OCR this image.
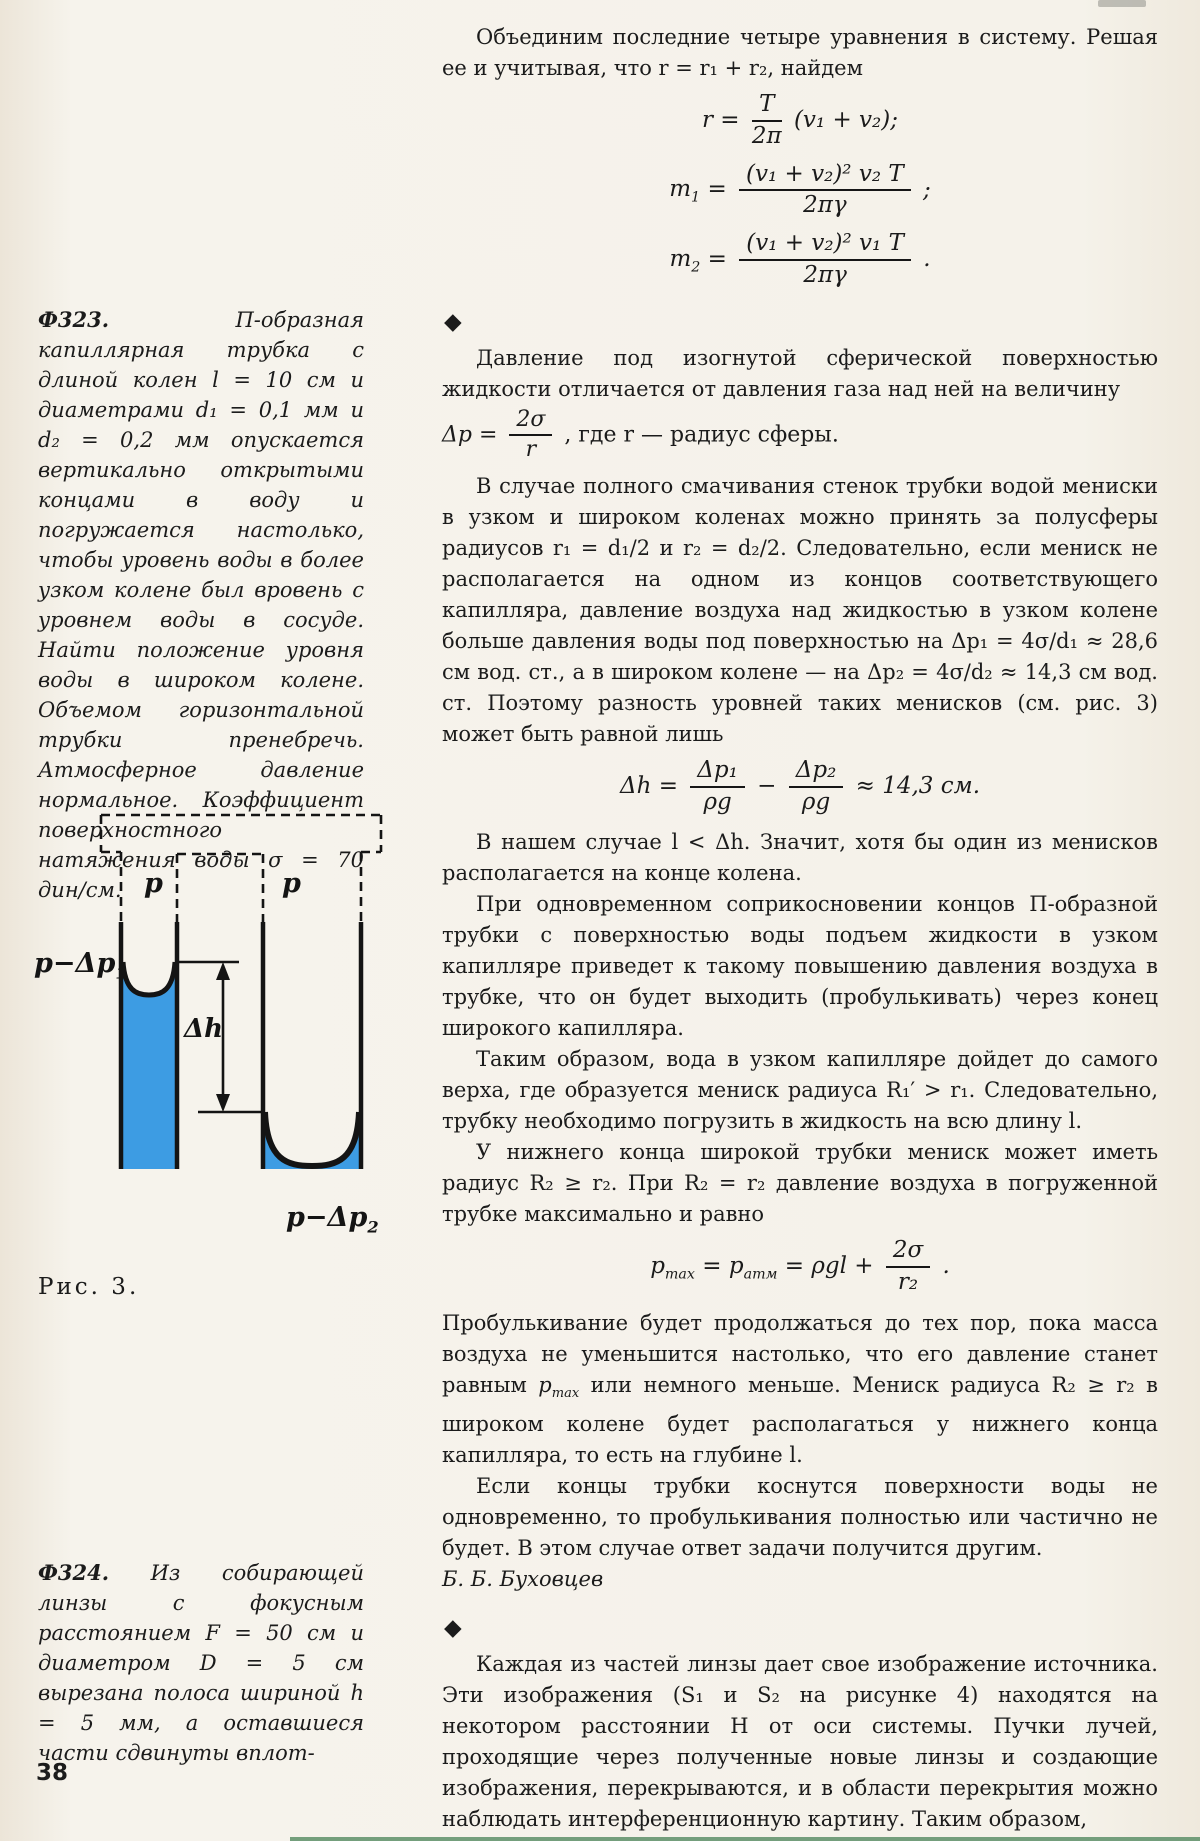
Объединим последние четыре уравнения в систему. Решая ее и учитывая, что r = r₁ + r₂, найдем

$r = \frac{T}{2\pi} (v_1 + v_2)$;
$m_1 = \frac{\text{(v₁ + v₂)² v₂ T}}{2\pi\gamma}$ ;
$m_2 = \frac{\text{(v₁ + v₂)² v₁ T}}{2\pi\gamma}$ .
◆

Давление под изогнутой сферической поверхностью жидкости отличается от давления газа над ней на величину

$\Delta p = \frac{2\sigma}{r}$ , где r — радиус сферы.

В случае полного смачивания стенок трубки водой мениски в узком и широком коленах можно принять за полусферы радиусов r₁ = d₁/2 и r₂ = d₂/2. Следовательно, если мениск не располагается на одном из концов соответствующего капилляра, давление воздуха над жидкостью в узком колене больше давления воды под поверхностью на Δp₁ = 4σ/d₁ ≈ 28,6 см вод. ст., а в широком колене — на Δp₂ = 4σ/d₂ ≈ 14,3 см вод. ст. Поэтому разность уровней таких менисков (см. рис. 3) может быть равной лишь

$\Delta h = \frac{\text{Δp₁}}{\rho g} - \frac{\text{Δp₂}}{\rho g} \approx 14,3$ см.

В нашем случае l < Δh. Значит, хотя бы один из менисков располагается на конце колена.

При одновременном соприкосновении концов П-образной трубки с поверхностью воды подъем жидкости в узком капилляре приведет к такому повышению давления воздуха в трубке, что он будет выходить (пробулькивать) через конец широкого капилляра.

Таким образом, вода в узком капилляре дойдет до самого верха, где образуется мениск радиуса R₁′ > r₁. Следовательно, трубку необходимо погрузить в жидкость на всю длину l.

У нижнего конца широкой трубки мениск может иметь радиус R₂ ≥ r₂. При R₂ = r₂ давление воздуха в погруженной трубке максимально и равно

$p_{max} = p_{атм} = \rho gl + \frac{2\sigma}{\text{r₂}}$ .

Пробулькивание будет продолжаться до тех пор, пока масса воздуха не уменьшится настолько, что его давление станет равным $p_{max}$ или немного меньше. Мениск радиуса R₂ ≥ r₂ в широком колене будет располагаться у нижнего конца капилляра, то есть на глубине l.

Если концы трубки коснутся поверхности воды не одновременно, то пробулькивания полностью или частично не будет. В этом случае ответ задачи получится другим.

Б. Б. Буховцев

◆

Каждая из частей линзы дает свое изображение источника. Эти изображения (S₁ и S₂ на рисунке 4) находятся на некотором расстоянии H от оси системы. Пучки лучей, проходящие через полученные новые линзы и создающие изображения, перекрываются, и в области перекрытия можно наблюдать интерференционную картину. Таким образом,

Ф323. П-образная капиллярная трубка с длиной колен l = 10 см и диаметрами d₁ = 0,1 мм и d₂ = 0,2 мм опускается вертикально открытыми концами в воду и погружается настолько, чтобы уровень воды в более узком колене был вровень с уровнем воды в сосуде. Найти положение уровня воды в широком колене. Объемом горизонтальной трубки пренебречь. Атмосферное давление нормальное. Коэффициент поверхностного натяжения воды σ = 70 дин/см. p	p
$p-\Delta p_1$
Δh
$p-\Delta p_2$
Рис. 3.
Ф324. Из собирающей линзы с фокусным расстоянием F = 50 см и диаметром D = 5 см вырезана полоса шириной h = 5 мм, а оставшиеся части сдвинуты вплот-
38
